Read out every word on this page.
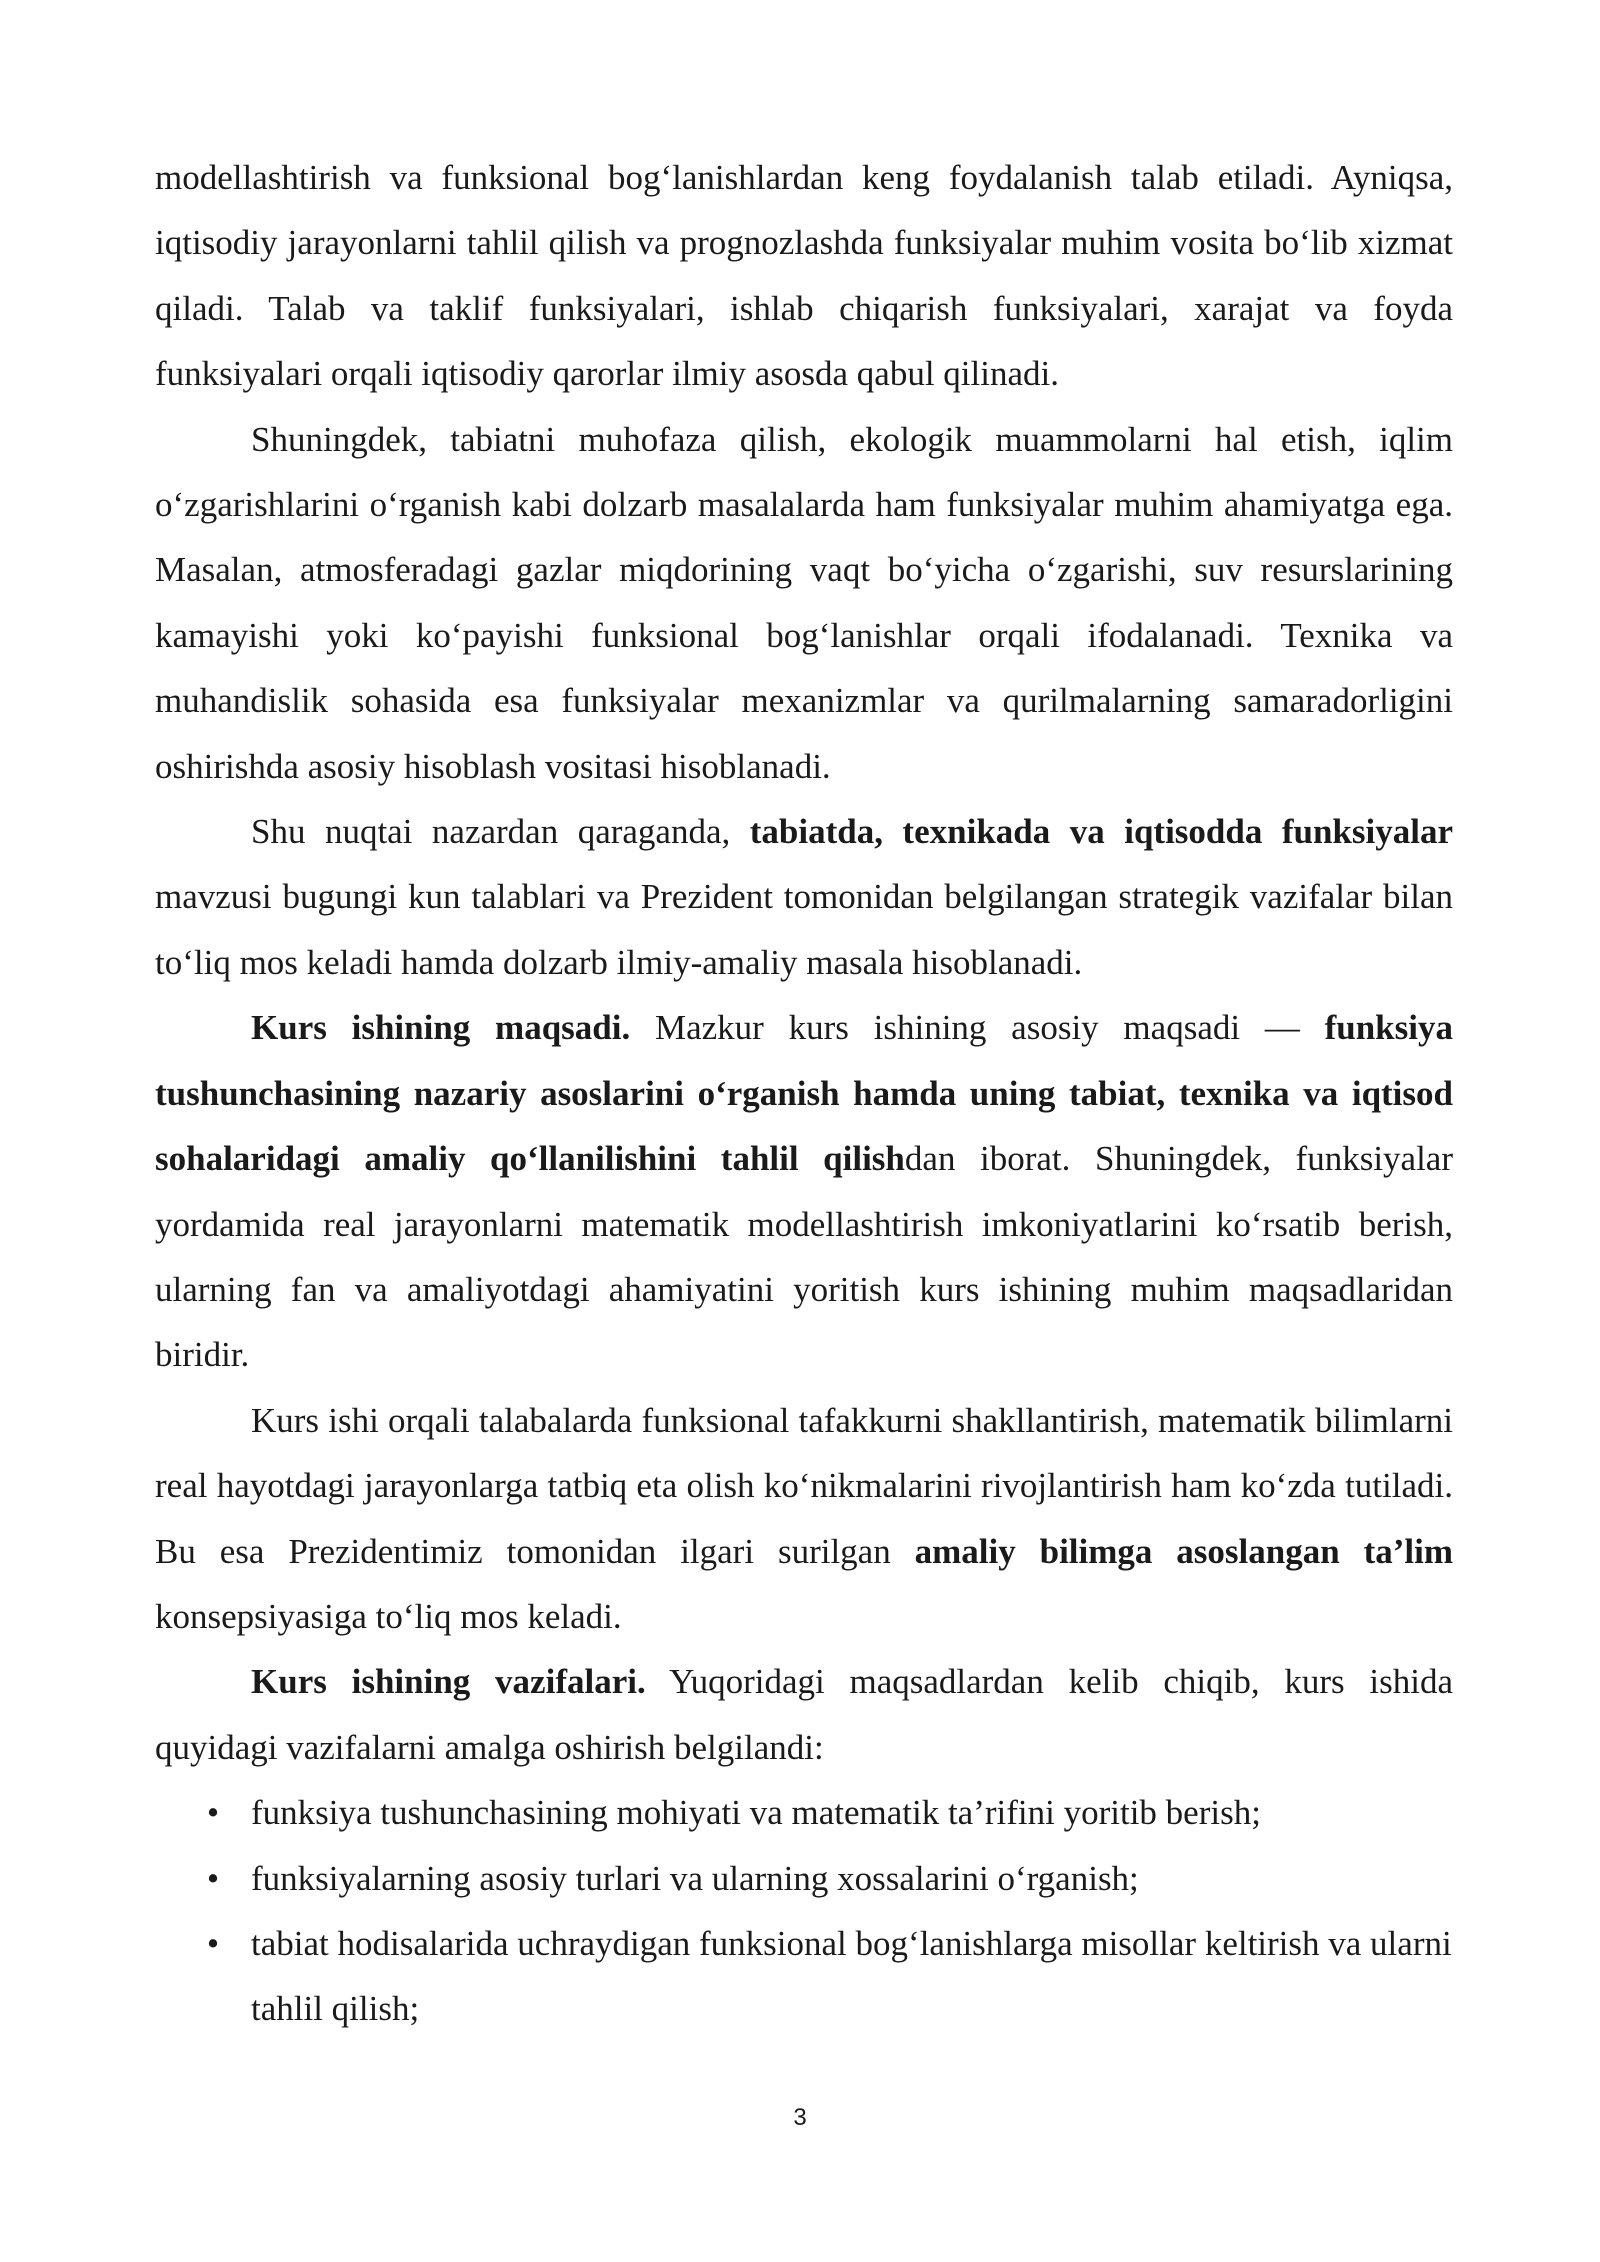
modellashtirish va funksional bog‘lanishlardan keng foydalanish talab etiladi. Ayniqsa, iqtisodiy jarayonlarni tahlil qilish va prognozlashda funksiyalar muhim vosita bo‘lib xizmat qiladi. Talab va taklif funksiyalari, ishlab chiqarish funksiyalari, xarajat va foyda funksiyalari orqali iqtisodiy qarorlar ilmiy asosda qabul qilinadi.

Shuningdek, tabiatni muhofaza qilish, ekologik muammolarni hal etish, iqlim o‘zgarishlarini o‘rganish kabi dolzarb masalalarda ham funksiyalar muhim ahamiyatga ega. Masalan, atmosferadagi gazlar miqdorining vaqt bo‘yicha o‘zgarishi, suv resurslarining kamayishi yoki ko‘payishi funksional bog‘lanishlar orqali ifodalanadi. Texnika va muhandislik sohasida esa funksiyalar mexanizmlar va qurilmalarning samaradorligini oshirishda asosiy hisoblash vositasi hisoblanadi.

Shu nuqtai nazardan qaraganda, tabiatda, texnikada va iqtisodda funksiyalar mavzusi bugungi kun talablari va Prezident tomonidan belgilangan strategik vazifalar bilan to‘liq mos keladi hamda dolzarb ilmiy-amaliy masala hisoblanadi.

Kurs ishining maqsadi. Mazkur kurs ishining asosiy maqsadi — funksiya tushunchasining nazariy asoslarini o‘rganish hamda uning tabiat, texnika va iqtisod sohalaridagi amaliy qo‘llanilishini tahlil qilishdan iborat. Shuningdek, funksiyalar yordamida real jarayonlarni matematik modellashtirish imkoniyatlarini ko‘rsatib berish, ularning fan va amaliyotdagi ahamiyatini yoritish kurs ishining muhim maqsadlaridan biridir.

Kurs ishi orqali talabalarda funksional tafakkurni shakllantirish, matematik bilimlarni real hayotdagi jarayonlarga tatbiq eta olish ko‘nikmalarini rivojlantirish ham ko‘zda tutiladi. Bu esa Prezidentimiz tomonidan ilgari surilgan amaliy bilimga asoslangan ta’lim konsepsiyasiga to‘liq mos keladi.

Kurs ishining vazifalari. Yuqoridagi maqsadlardan kelib chiqib, kurs ishida quyidagi vazifalarni amalga oshirish belgilandi:

• funksiya tushunchasining mohiyati va matematik ta’rifini yoritib berish;
• funksiyalarning asosiy turlari va ularning xossalarini o‘rganish;
• tabiat hodisalarida uchraydigan funksional bog‘lanishlarga misollar keltirish va ularni tahlil qilish;
3
